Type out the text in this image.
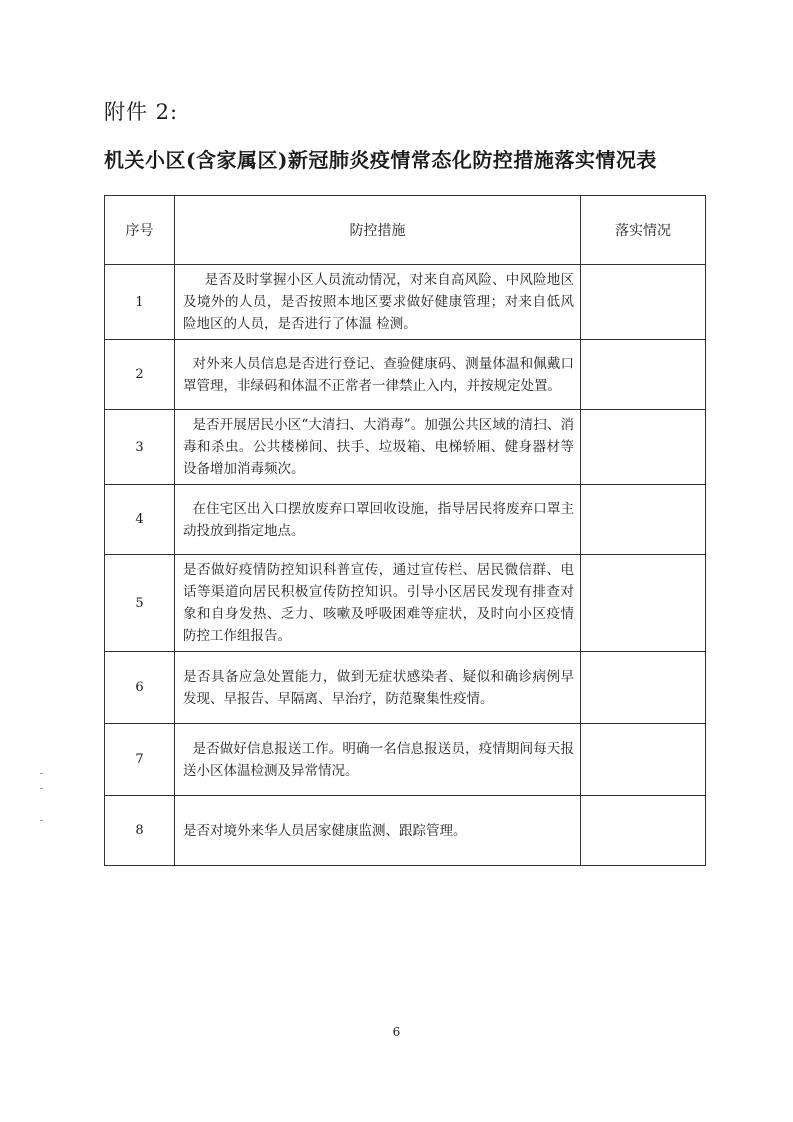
附件 2:
机关小区(含家属区)新冠肺炎疫情常态化防控措施落实情况表
序号	防控措施	落实情况
1	是否及时掌握小区人员流动情况，对来自高风险、中风险地区及境外的人员，是否按照本地区要求做好健康管理；对来自低风险地区的人员，是否进行了体温 检测。	
2	对外来人员信息是否进行登记、查验健康码、测量体温和佩戴口罩管理，非绿码和体温不正常者一律禁止入内，并按规定处置。	
3	是否开展居民小区“大清扫、大消毒”。加强公共区域的清扫、消毒和杀虫。公共楼梯间、扶手、垃圾箱、电梯轿厢、健身器材等设备增加消毒频次。	
4	在住宅区出入口摆放废弃口罩回收设施，指导居民将废弃口罩主动投放到指定地点。	
5	是否做好疫情防控知识科普宣传，通过宣传栏、居民微信群、电话等渠道向居民积极宣传防控知识。引导小区居民发现有排查对象和自身发热、乏力、咳嗽及呼吸困难等症状，及时向小区疫情防控工作组报告。	
6	是否具备应急处置能力，做到无症状感染者、疑似和确诊病例早发现、早报告、早隔离、早治疗，防范聚集性疫情。	
7	是否做好信息报送工作。明确一名信息报送员，疫情期间每天报送小区体温检测及异常情况。	
8	是否对境外来华人员居家健康监测、跟踪管理。	
6
